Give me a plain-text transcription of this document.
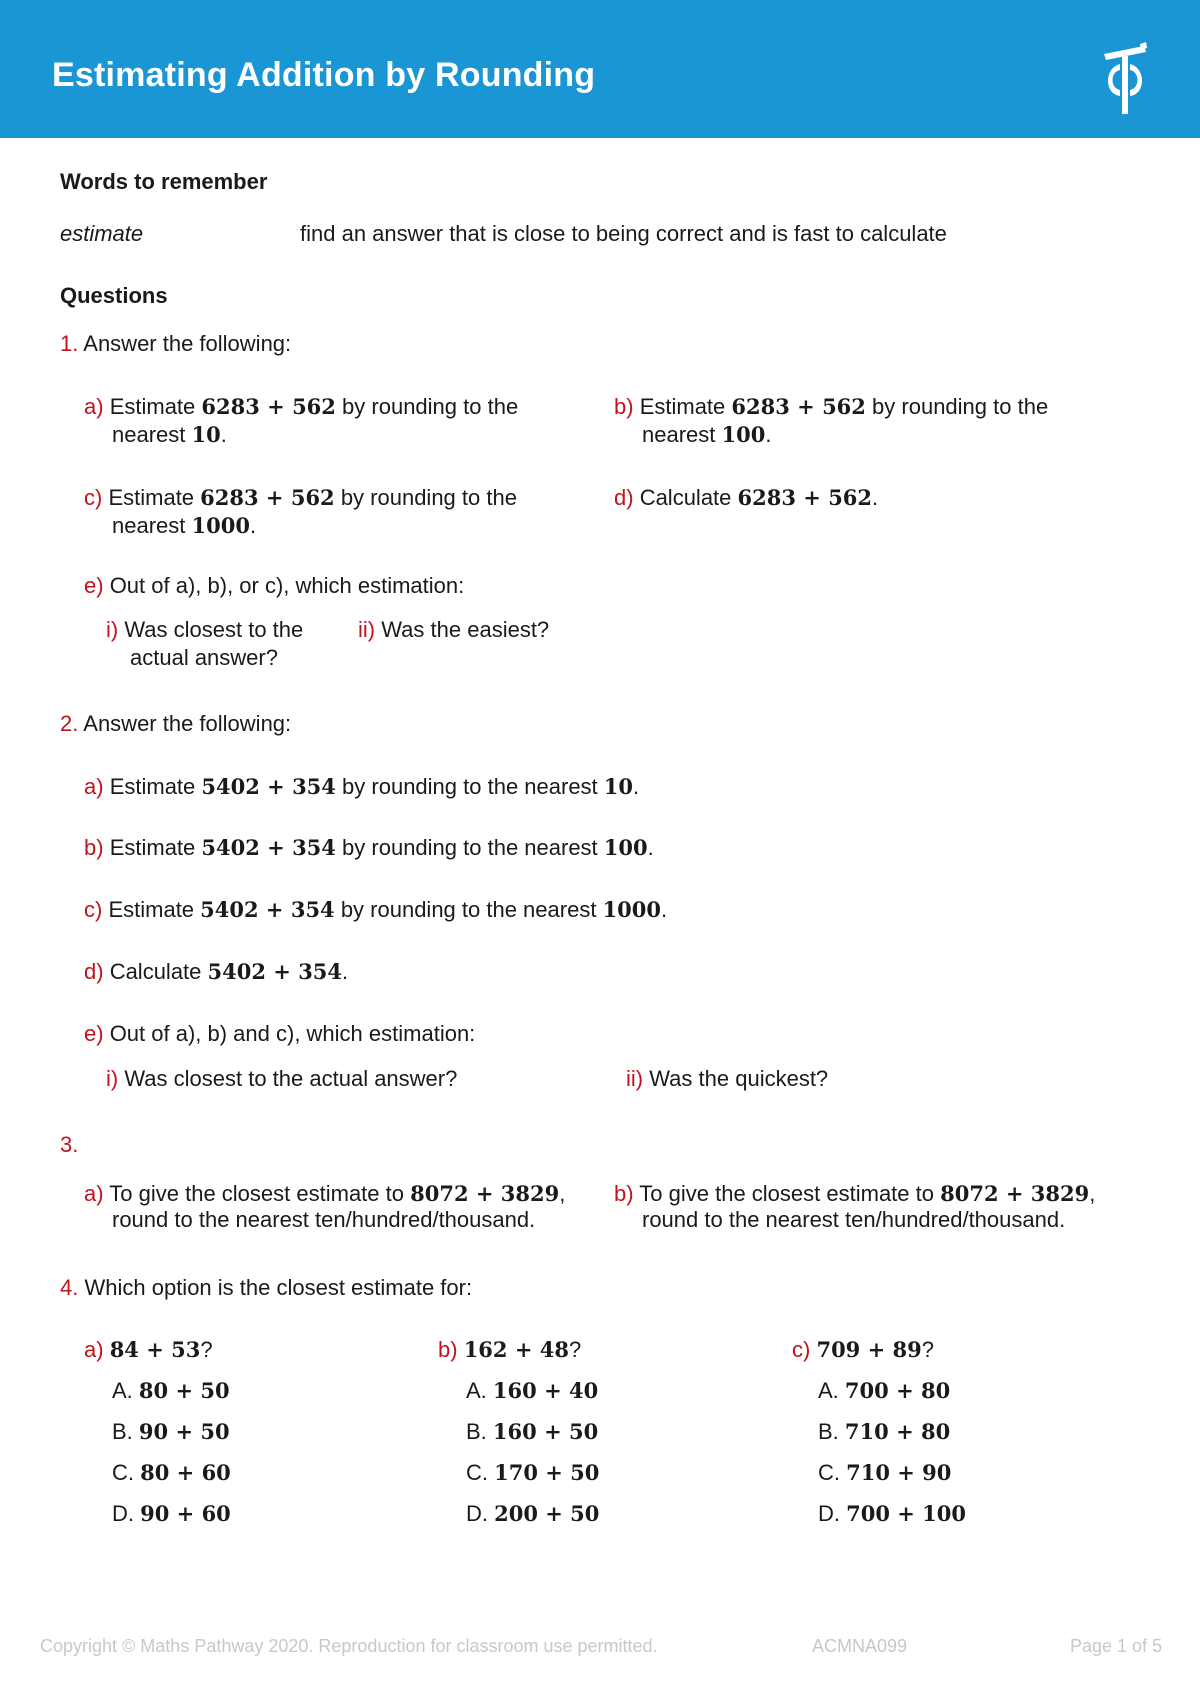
Estimating Addition by Rounding
Words to remember
estimate	find an answer that is close to being correct and is fast to calculate
Questions
1. Answer the following:
a) Estimate 6283 + 562 by rounding to the
nearest 10.
b) Estimate 6283 + 562 by rounding to the
nearest 100.
c) Estimate 6283 + 562 by rounding to the
nearest 1000.
d) Calculate 6283 + 562.
e) Out of a), b), or c), which estimation:
i) Was closest to the
actual answer?
ii) Was the easiest?
2. Answer the following:
a) Estimate 5402 + 354 by rounding to the nearest 10.
b) Estimate 5402 + 354 by rounding to the nearest 100.
c) Estimate 5402 + 354 by rounding to the nearest 1000.
d) Calculate 5402 + 354.
e) Out of a), b) and c), which estimation:
i) Was closest to the actual answer?	ii) Was the quickest?
3.
a) To give the closest estimate to 8072 + 3829,
round to the nearest ten/hundred/thousand.
b) To give the closest estimate to 8072 + 3829,
round to the nearest ten/hundred/thousand.
4. Which option is the closest estimate for:
a) 84 + 53?
A. 80 + 50
B. 90 + 50
C. 80 + 60
D. 90 + 60
b) 162 + 48?
A. 160 + 40
B. 160 + 50
C. 170 + 50
D. 200 + 50
c) 709 + 89?
A. 700 + 80
B. 710 + 80
C. 710 + 90
D. 700 + 100
Copyright © Maths Pathway 2020. Reproduction for classroom use permitted.	ACMNA099	Page 1 of 5
